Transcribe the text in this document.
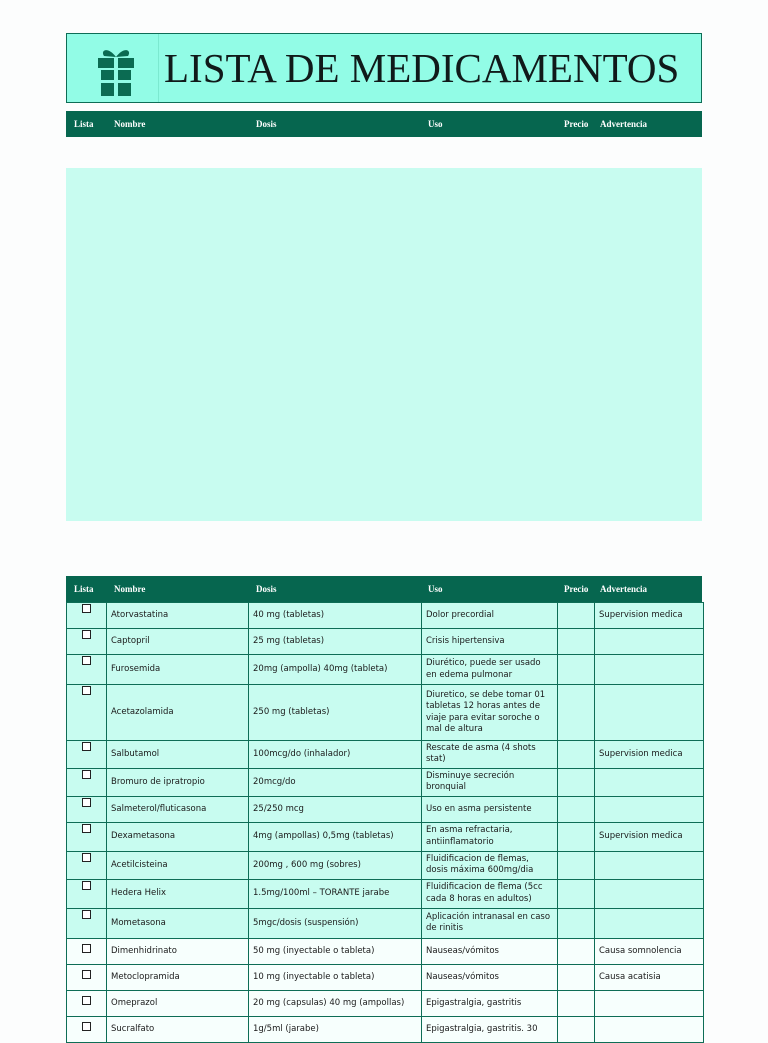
LISTA DE MEDICAMENTOS
Lista Nombre	Dosis	Uso	Precio Advertencia
Lista Nombre	Dosis	Uso	Precio Advertencia
	Atorvastatina	40 mg (tabletas)	Dolor precordial		Supervision medica
	Captopril	25 mg (tabletas)	Crisis hipertensiva		
	Furosemida	20mg (ampolla) 40mg (tableta)	Diurético, puede ser usado en edema pulmonar		
	Acetazolamida	250 mg (tabletas)	Diuretico, se debe tomar 01 tabletas 12 horas antes de viaje para evitar soroche o mal de altura		
	Salbutamol	100mcg/do (inhalador)	Rescate de asma (4 shots stat)		Supervision medica
	Bromuro de ipratropio	20mcg/do	Disminuye secreción bronquial		
	Salmeterol/fluticasona	25/250 mcg	Uso en asma persistente		
	Dexametasona	4mg (ampollas) 0,5mg (tabletas)	En asma refractaria, antiinflamatorio		Supervision medica
	Acetilcisteina	200mg , 600 mg (sobres)	Fluidificacion de flemas, dosis máxima 600mg/dia		
	Hedera Helix	1.5mg/100ml – TORANTE jarabe	Fluidificacion de flema (5cc cada 8 horas en adultos)		
	Mometasona	5mgc/dosis (suspensión)	Aplicación intranasal en caso de rinitis		
	Dimenhidrinato	50 mg (inyectable o tableta)	Nauseas/vómitos		Causa somnolencia
	Metoclopramida	10 mg (inyectable o tableta)	Nauseas/vómitos		Causa acatisia
	Omeprazol	20 mg (capsulas) 40 mg (ampollas)	Epigastralgia, gastritis		
	Sucralfato	1g/5ml (jarabe)	Epigastralgia, gastritis. 30		
